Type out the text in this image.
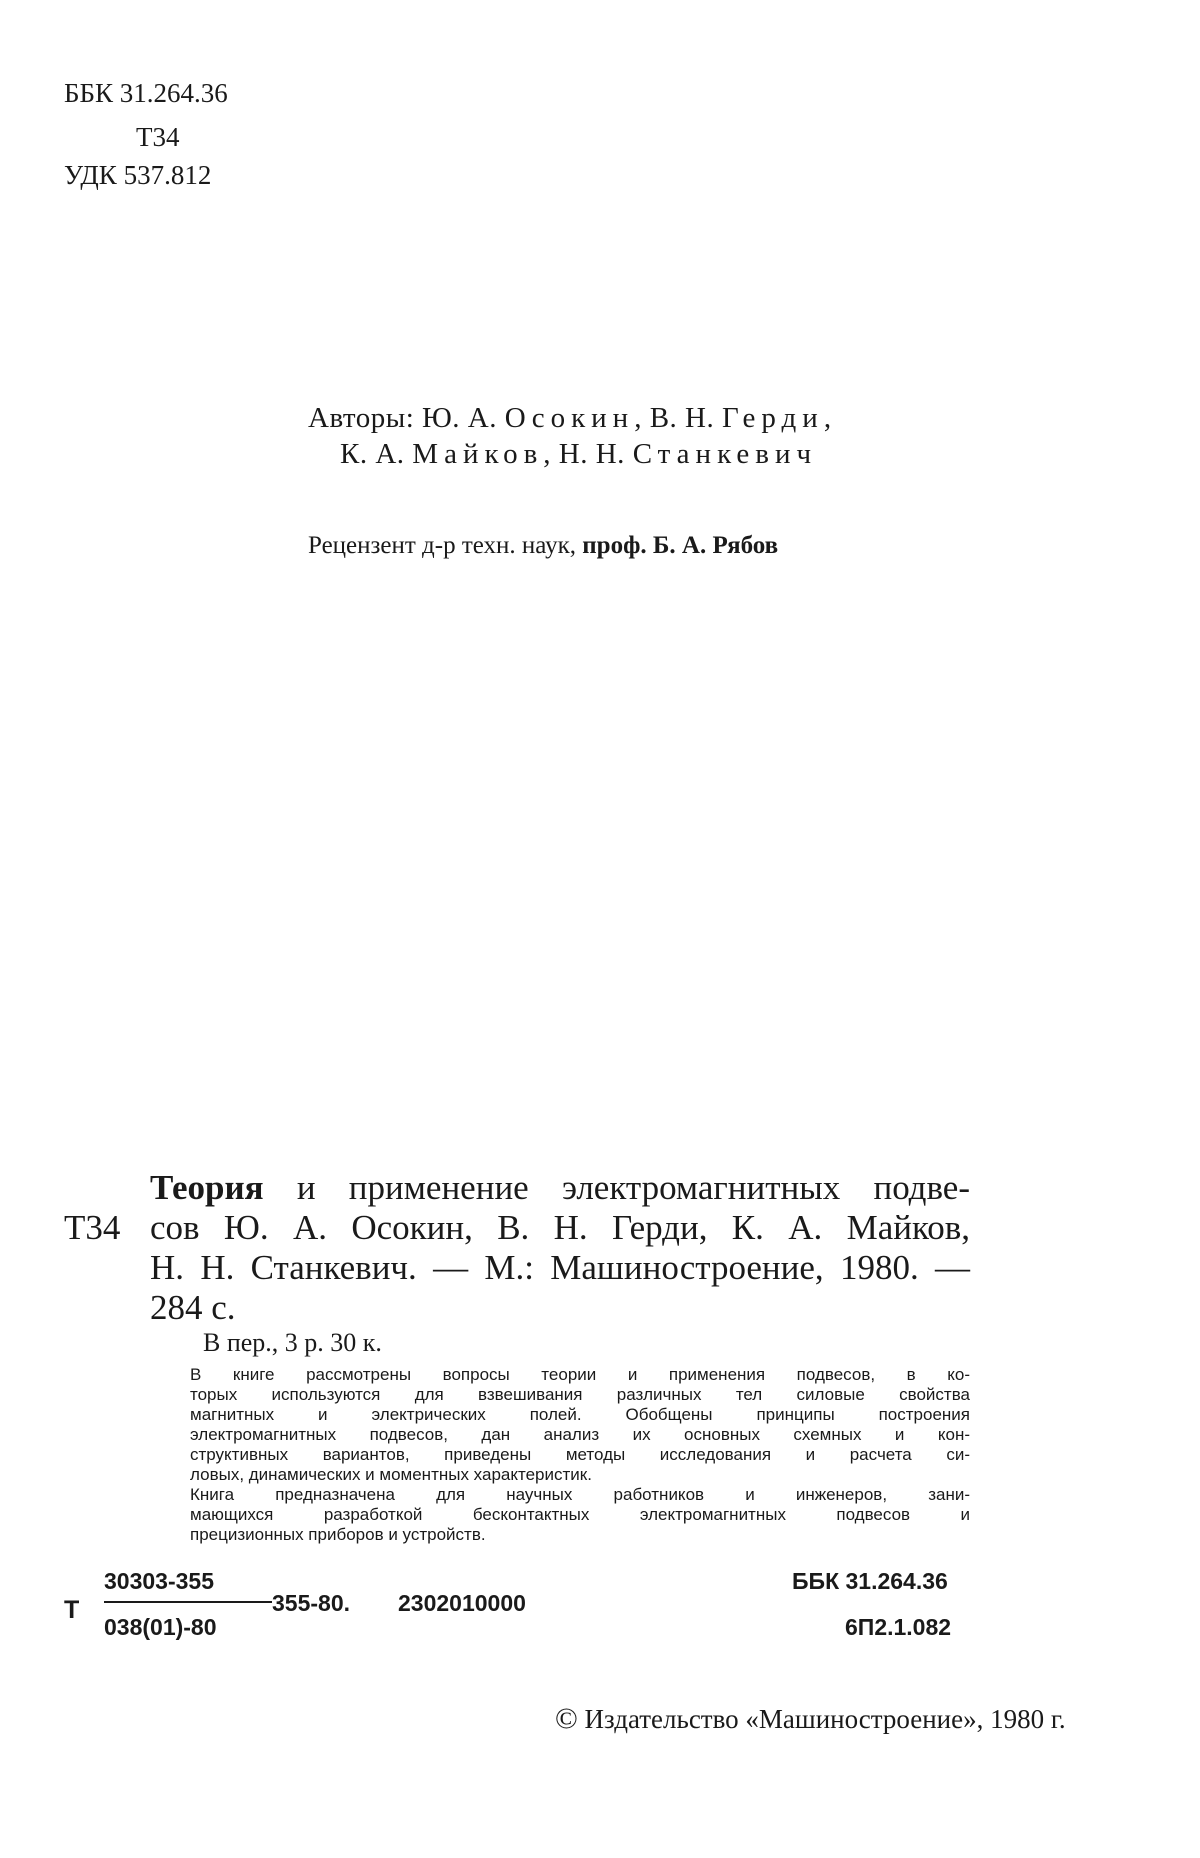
ББК 31.264.36
Т34
УДК 537.812
Авторы: Ю. А. Осокин, В. Н. Герди,
К. А. Майков, Н. Н. Станкевич
Рецензент д-р техн. наук, проф. Б. А. Рябов
Т34
Теория и применение электромагнитных подве-
сов Ю. А. Осокин, В. Н. Герди, К. А. Майков,
Н. Н. Станкевич. — М.: Машиностроение, 1980. —
284 с.
В пер., 3 р. 30 к.

В книге рассмотрены вопросы теории и применения подвесов, в ко-
торых используются для взвешивания различных тел силовые свойства
магнитных и электрических полей. Обобщены принципы построения
электромагнитных подвесов, дан анализ их основных схемных и кон-
структивных вариантов, приведены методы исследования и расчета си-
ловых, динамических и моментных характеристик.

Книга предназначена для научных работников и инженеров, зани-
мающихся разработкой бесконтактных электромагнитных подвесов и
прецизионных приборов и устройств.

Т
30303-355
038(01)-80
355-80. 2302010000
ББК 31.264.36
6П2.1.082
© Издательство «Машиностроение», 1980 г.
